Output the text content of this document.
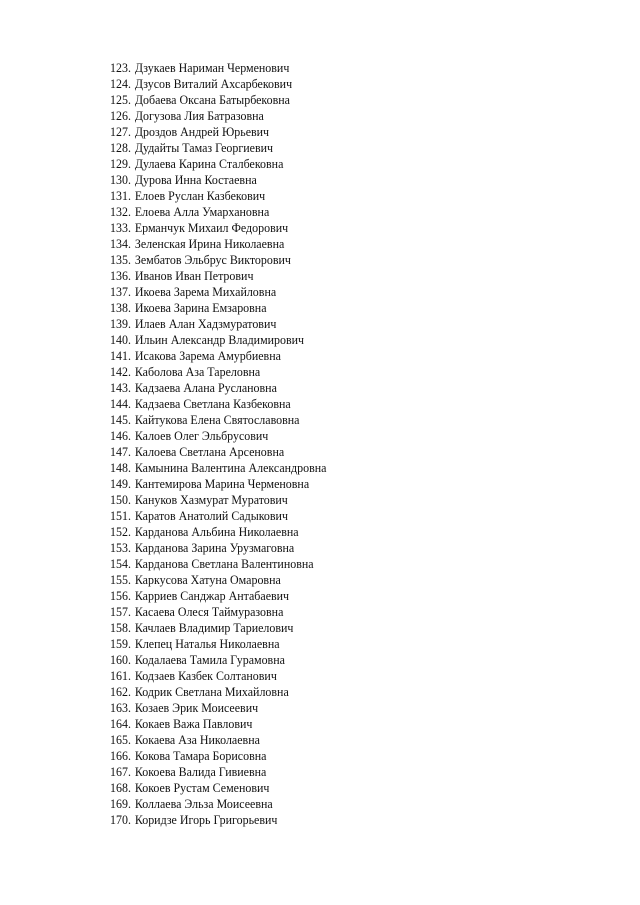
123. Дзукаев Нариман Черменович
124. Дзусов Виталий Ахсарбекович
125. Добаева Оксана Батырбековна
126. Догузова Лия Батразовна
127. Дроздов Андрей Юрьевич
128. Дудайты Тамаз Георгиевич
129. Дулаева Карина Сталбековна
130. Дурова Инна Костаевна
131. Елоев Руслан Казбекович
132. Елоева Алла Умархановна
133. Ерманчук Михаил Федорович
134. Зеленская Ирина Николаевна
135. Зембатов Эльбрус Викторович
136. Иванов Иван Петрович
137. Икоева Зарема Михайловна
138. Икоева Зарина Емзаровна
139. Илаев Алан Хадзмуратович
140. Ильин Александр Владимирович
141. Исакова Зарема Амурбиевна
142. Каболова Аза Тареловна
143. Кадзаева Алана Руслановна
144. Кадзаева Светлана Казбековна
145. Кайтукова Елена Святославовна
146. Калоев Олег Эльбрусович
147. Калоева Светлана Арсеновна
148. Камынина Валентина Александровна
149. Кантемирова Марина Черменовна
150. Кануков Хазмурат Муратович
151. Каратов Анатолий Садыкович
152. Карданова Альбина Николаевна
153. Карданова Зарина Урузмаговна
154. Карданова Светлана Валентиновна
155. Каркусова Хатуна Омаровна
156. Карриев Санджар Антабаевич
157. Касаева Олеся Таймуразовна
158. Качлаев Владимир Тариелович
159. Клепец Наталья Николаевна
160. Кодалаева Тамила Гурамовна
161. Кодзаев Казбек Солтанович
162. Кодрик Светлана Михайловна
163. Козаев Эрик Моисеевич
164. Кокаев Важа Павлович
165. Кокаева Аза Николаевна
166. Кокова Тамара Борисовна
167. Кокоева Валида Гивиевна
168. Кокоев Рустам Семенович
169. Коллаева Эльза Моисеевна
170. Коридзе Игорь Григорьевич
